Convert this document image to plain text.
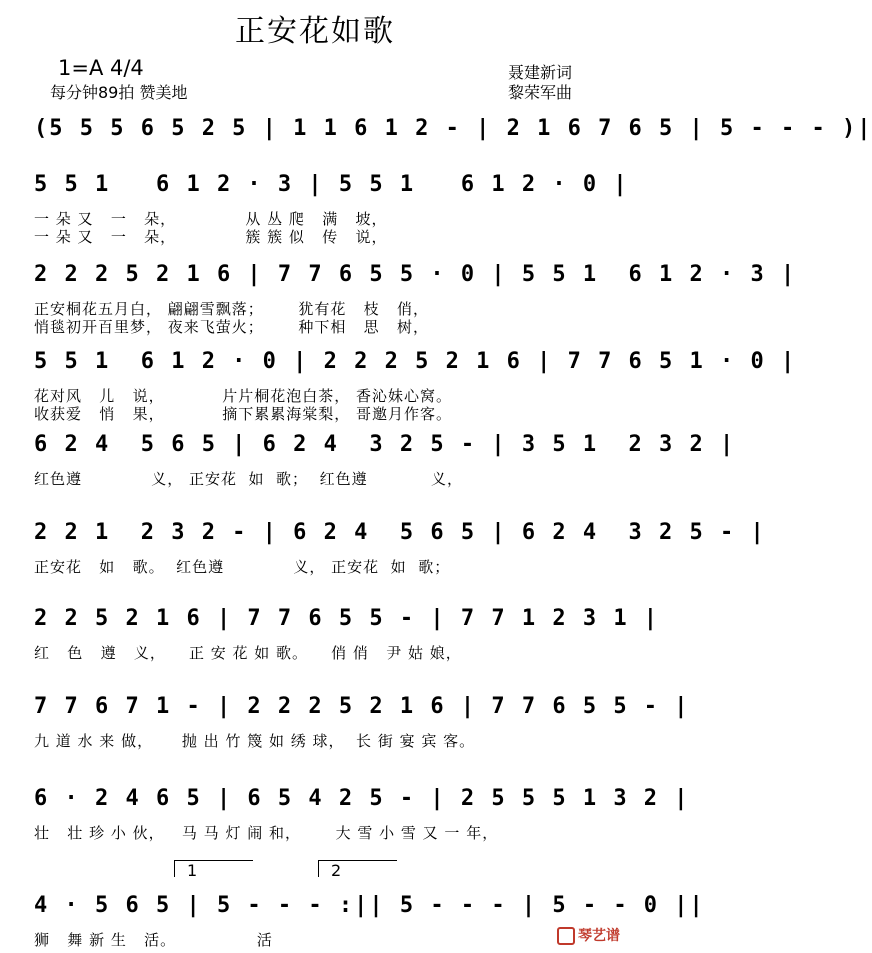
正安花如歌
1=A 4/4
每分钟89拍 赞美地
聂建新词
黎荣军曲
(5 5 5 6 5 2 5 | 1 1 6 1 2 - | 2 1 6 7 6 5 | 5 - - - )|
5 5 1   6 1 2 · 3 | 5 5 1   6 1 2 · 0 |
一 朵 又   一   朵，            从 丛 爬   满   坡，
一 朵 又   一   朵，            簇 簇 似   传   说，
2 2 2 5 2 1 6 | 7 7 6 5 5 · 0 | 5 5 1  6 1 2 · 3 |
正安桐花五月白， 翩翩雪飘落；      犹有花   枝   俏，
悄毯初开百里梦， 夜来飞萤火；      种下相   思   树，
5 5 1  6 1 2 · 0 | 2 2 2 5 2 1 6 | 7 7 6 5 1 · 0 |
花对风   儿   说，          片片桐花泡白茶， 香沁妹心窝。
收获爱   悄   果，          摘下累累海棠梨， 哥邀月作客。
6 2 4  5 6 5 | 6 2 4  3 2 5 - | 3 5 1  2 3 2 |
红色遵            义， 正安花  如  歌；  红色遵           义，
2 2 1  2 3 2 - | 6 2 4  5 6 5 | 6 2 4  3 2 5 - |
正安花   如   歌。  红色遵            义， 正安花  如  歌；
2 2 5 2 1 6 | 7 7 6 5 5 - | 7 7 1 2 3 1 |
红   色   遵   义，    正 安 花 如 歌。    俏 俏   尹 姑 娘，
7 7 6 7 1 - | 2 2 2 5 2 1 6 | 7 7 6 5 5 - |
九 道 水 来 做，     抛 出 竹 篾 如 绣 球，  长 街 宴 宾 客。
6 · 2 4 6 5 | 6 5 4 2 5 - | 2 5 5 5 1 3 2 |
壮   壮 珍 小 伙，   马 马 灯 闹 和，      大 雪 小 雪 又 一 年，
4 · 5 6 5 | 5 - - - :|| 5 - - - | 5 - - 0 ||
狮   舞 新 生   活。              活
1	2
琴艺谱
